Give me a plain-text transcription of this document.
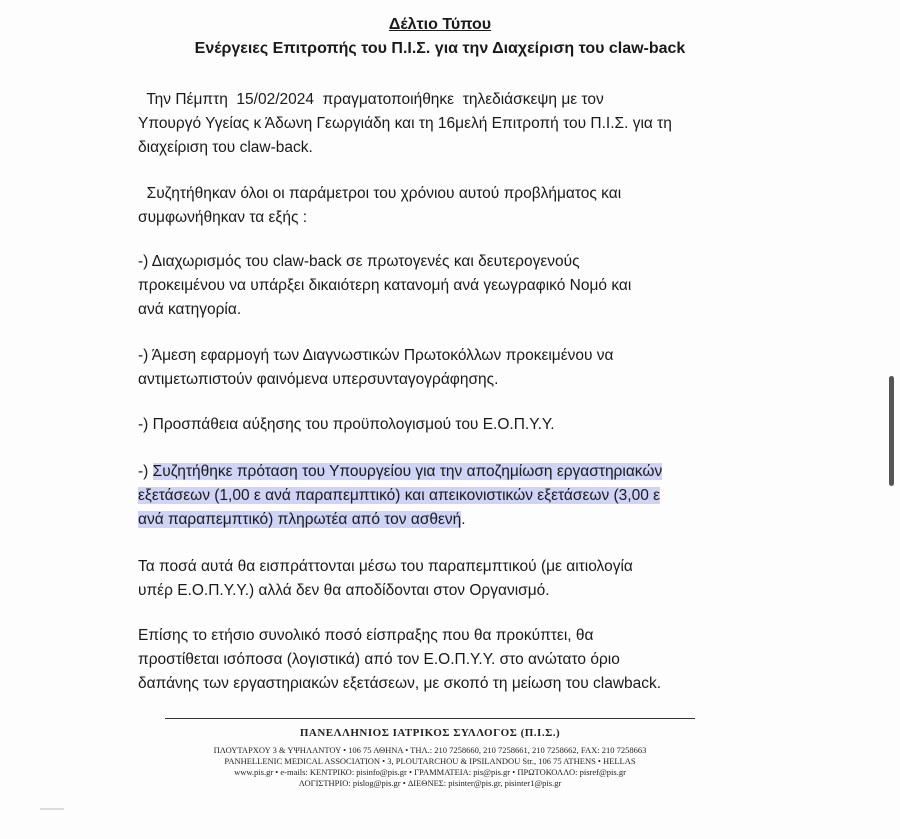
Δέλτιο Τύπου
Ενέργειες Επιτροπής του Π.Ι.Σ. για την Διαχείριση του claw-back

Την Πέμπτη  15/02/2024  πραγματοποιήθηκε  τηλεδιάσκεψη με τον
Υπουργό Υγείας κ Άδωνη Γεωργιάδη και τη 16μελή Επιτροπή του Π.Ι.Σ. για τη
διαχείριση του claw-back.

Συζητήθηκαν όλοι οι παράμετροι του χρόνιου αυτού προβλήματος και
συμφωνήθηκαν τα εξής :

-) Διαχωρισμός του claw-back σε πρωτογενές και δευτερογενούς
προκειμένου να υπάρξει δικαιότερη κατανομή ανά γεωγραφικό Νομό και
ανά κατηγορία.

-) Άμεση εφαρμογή των Διαγνωστικών Πρωτοκόλλων προκειμένου να
αντιμετωπιστούν φαινόμενα υπερσυνταγογράφησης.

-) Προσπάθεια αύξησης του προϋπολογισμού του Ε.Ο.Π.Υ.Υ.

-) Συζητήθηκε πρόταση του Υπουργείου για την αποζημίωση εργαστηριακών
εξετάσεων (1,00 ε ανά παραπεμπτικό) και απεικονιστικών εξετάσεων (3,00 ε
ανά παραπεμπτικό) πληρωτέα από τον ασθενή.

Τα ποσά αυτά θα εισπράττονται μέσω του παραπεμπτικού (με αιτιολογία
υπέρ Ε.Ο.Π.Υ.Υ.) αλλά δεν θα αποδίδονται στον Οργανισμό.

Επίσης το ετήσιο συνολικό ποσό είσπραξης που θα προκύπτει, θα
προστίθεται ισόποσα (λογιστικά) από τον Ε.Ο.Π.Υ.Υ. στο ανώτατο όριο
δαπάνης των εργαστηριακών εξετάσεων, με σκοπό τη μείωση του clawback.

ΠΑΝΕΛΛΗΝΙΟΣ ΙΑΤΡΙΚΟΣ ΣΥΛΛΟΓΟΣ (Π.Ι.Σ.)
ΠΛΟΥΤΑΡΧΟΥ 3 & ΥΨΗΛΑΝΤΟΥ • 106 75 ΑΘΗΝΑ • ΤΗΛ.: 210 7258660, 210 7258661, 210 7258662, FAX: 210 7258663
PANHELLENIC MEDICAL ASSOCIATION • 3, PLOUTARCHOU & IPSILANDOU Str., 106 75 ATHENS • HELLAS
www.pis.gr • e-mails: ΚΕΝΤΡΙΚΟ: pisinfo@pis.gr • ΓΡΑΜΜΑΤΕΙΑ: pis@pis.gr • ΠΡΩΤΟΚΟΛΛΟ: pisref@pis.gr
ΛΟΓΙΣΤΗΡΙΟ: pislog@pis.gr • ΔΙΕΘΝΕΣ: pisinter@pis.gr, pisinter1@pis.gr
